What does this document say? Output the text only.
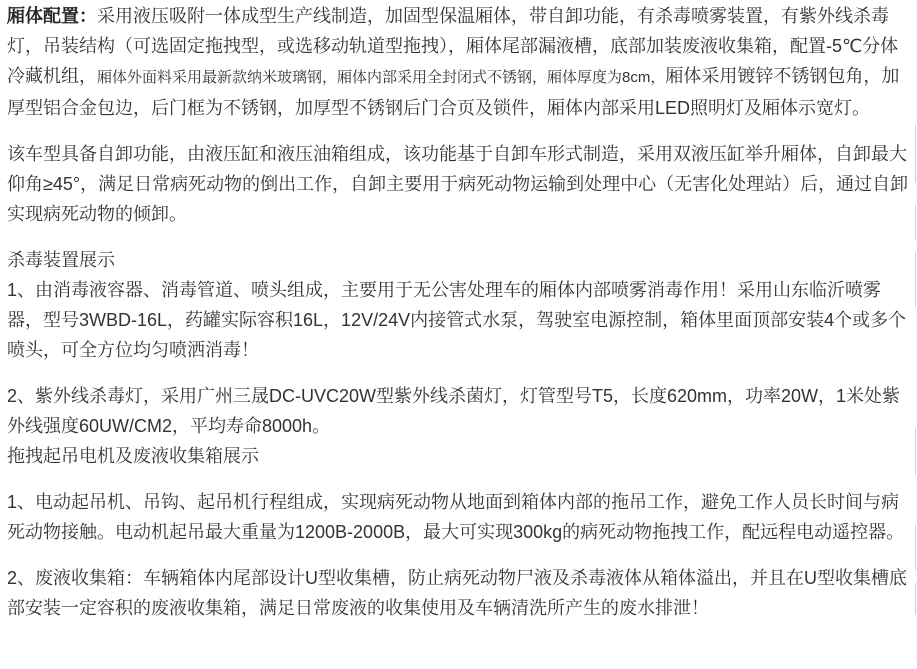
厢体配置：采用液压吸附一体成型生产线制造，加固型保温厢体，带自卸功能，有杀毒喷雾装置，有紫外线杀毒灯，吊装结构（可选固定拖拽型，或选移动轨道型拖拽），厢体尾部漏液槽，底部加装废液收集箱，配置-5℃分体冷藏机组，厢体外面料采用最新款纳米玻璃钢，厢体内部采用全封闭式不锈钢，厢体厚度为8cm，厢体采用镀锌不锈钢包角，加厚型铝合金包边，后门框为不锈钢，加厚型不锈钢后门合页及锁件，厢体内部采用LED照明灯及厢体示宽灯。

该车型具备自卸功能，由液压缸和液压油箱组成，该功能基于自卸车形式制造，采用双液压缸举升厢体，自卸最大仰角≥45°，满足日常病死动物的倒出工作，自卸主要用于病死动物运输到处理中心（无害化处理站）后，通过自卸实现病死动物的倾卸。

杀毒装置展示
1、由消毒液容器、消毒管道、喷头组成，主要用于无公害处理车的厢体内部喷雾消毒作用！采用山东临沂喷雾器，型号3WBD-16L，药罐实际容积16L，12V/24V内接管式水泵，驾驶室电源控制，箱体里面顶部安装4个或多个喷头，可全方位均匀喷洒消毒！
2、紫外线杀毒灯，采用广州三晟DC-UVC20W型紫外线杀菌灯，灯管型号T5，长度620mm，功率20W，1米处紫外线强度60UW/CM2，平均寿命8000h。
拖拽起吊电机及废液收集箱展示

1、电动起吊机、吊钩、起吊机行程组成，实现病死动物从地面到箱体内部的拖吊工作，避免工作人员长时间与病死动物接触。电动机起吊最大重量为1200B-2000B，最大可实现300kg的病死动物拖拽工作，配远程电动遥控器。

2、废液收集箱：车辆箱体内尾部设计U型收集槽，防止病死动物尸液及杀毒液体从箱体溢出，并且在U型收集槽底部安装一定容积的废液收集箱，满足日常废液的收集使用及车辆清洗所产生的废水排泄！
